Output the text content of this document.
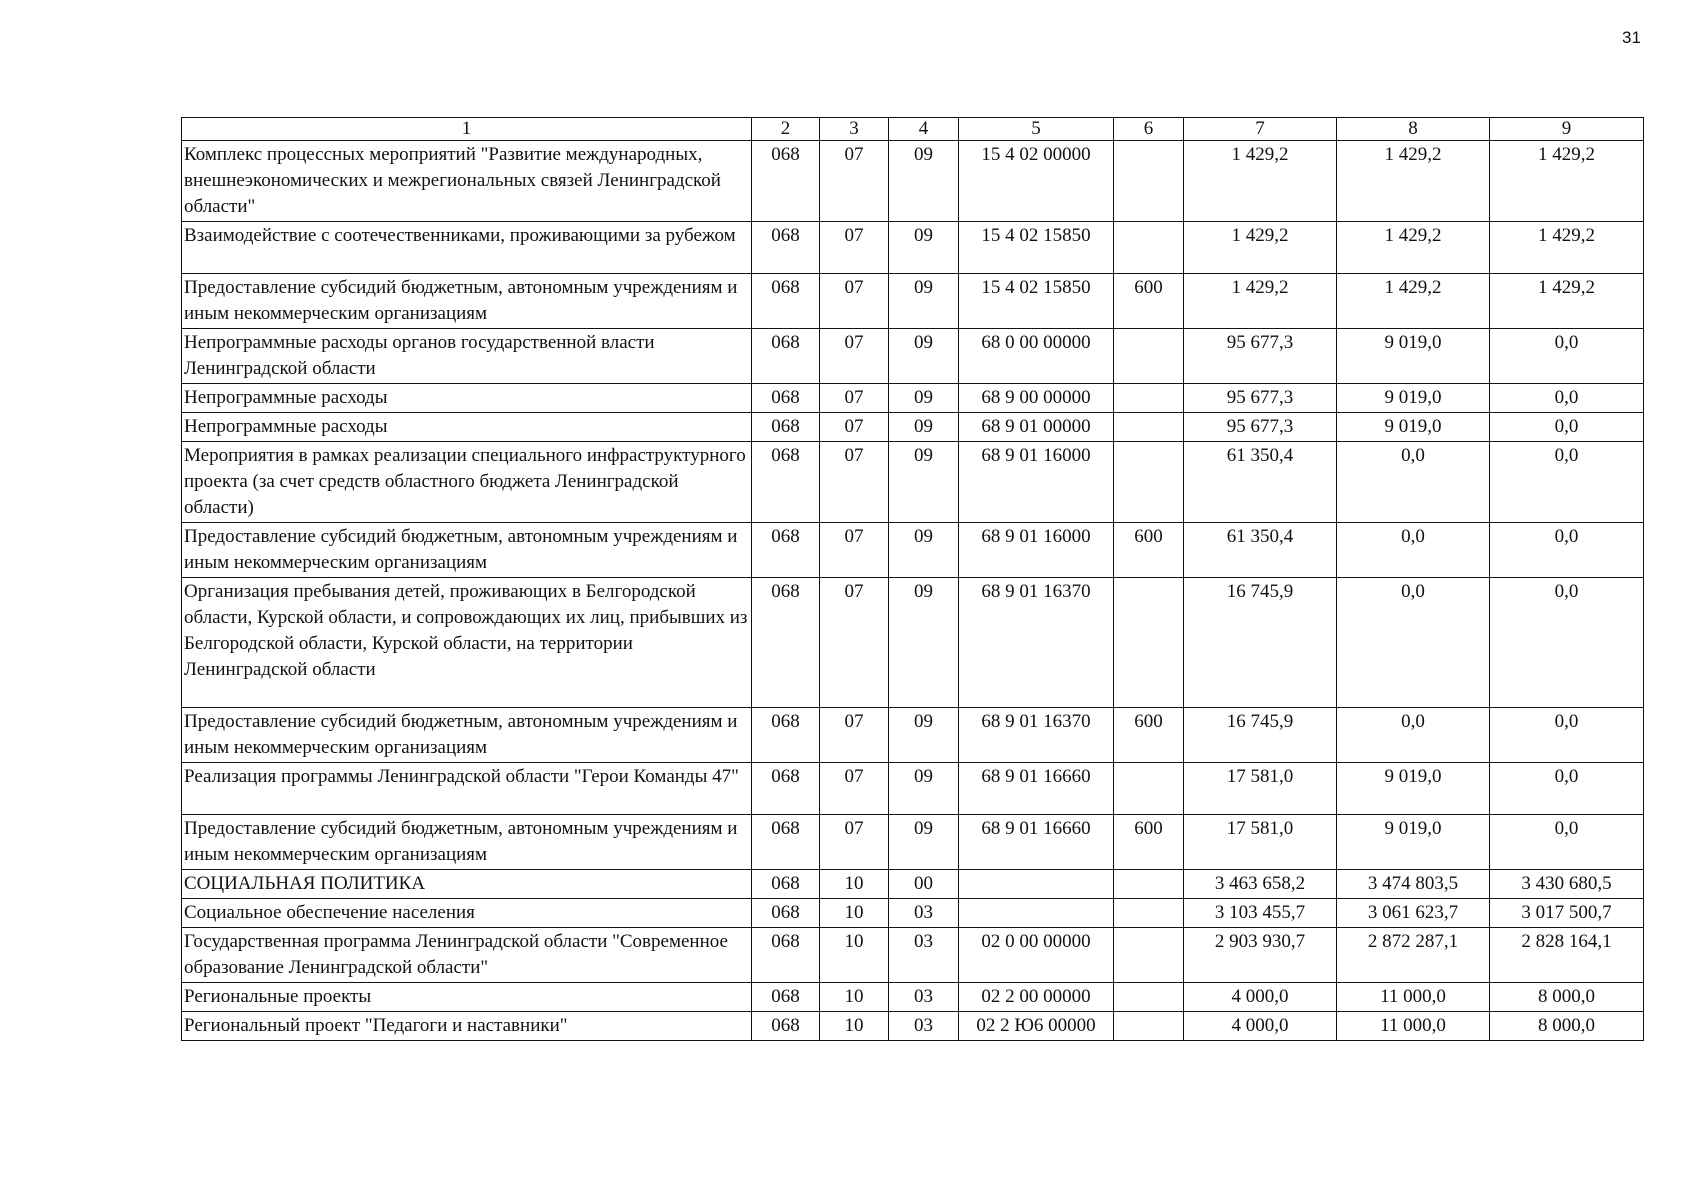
31
1	2	3	4	5	6	7	8	9
Комплекс процессных мероприятий "Развитие международных, внешнеэкономических и межрегиональных связей Ленинградской области"	068	07	09	15 4 02 00000		1 429,2	1 429,2	1 429,2
Взаимодействие с соотечественниками, проживающими за рубежом	068	07	09	15 4 02 15850		1 429,2	1 429,2	1 429,2
Предоставление субсидий бюджетным, автономным учреждениям и иным некоммерческим организациям	068	07	09	15 4 02 15850	600	1 429,2	1 429,2	1 429,2
Непрограммные расходы органов государственной власти Ленинградской области	068	07	09	68 0 00 00000		95 677,3	9 019,0	0,0
Непрограммные расходы	068	07	09	68 9 00 00000		95 677,3	9 019,0	0,0
Непрограммные расходы	068	07	09	68 9 01 00000		95 677,3	9 019,0	0,0
Мероприятия в рамках реализации специального инфраструктурного проекта (за счет средств областного бюджета Ленинградской области)	068	07	09	68 9 01 16000		61 350,4	0,0	0,0
Предоставление субсидий бюджетным, автономным учреждениям и иным некоммерческим организациям	068	07	09	68 9 01 16000	600	61 350,4	0,0	0,0
Организация пребывания детей, проживающих в Белгородской области, Курской области, и сопровождающих их лиц, прибывших из Белгородской области, Курской области, на территории Ленинградской области	068	07	09	68 9 01 16370		16 745,9	0,0	0,0
Предоставление субсидий бюджетным, автономным учреждениям и иным некоммерческим организациям	068	07	09	68 9 01 16370	600	16 745,9	0,0	0,0
Реализация программы Ленинградской области "Герои Команды 47"	068	07	09	68 9 01 16660		17 581,0	9 019,0	0,0
Предоставление субсидий бюджетным, автономным учреждениям и иным некоммерческим организациям	068	07	09	68 9 01 16660	600	17 581,0	9 019,0	0,0
СОЦИАЛЬНАЯ ПОЛИТИКА	068	10	00			3 463 658,2	3 474 803,5	3 430 680,5
Социальное обеспечение населения	068	10	03			3 103 455,7	3 061 623,7	3 017 500,7
Государственная программа Ленинградской области "Современное образование Ленинградской области"	068	10	03	02 0 00 00000		2 903 930,7	2 872 287,1	2 828 164,1
Региональные проекты	068	10	03	02 2 00 00000		4 000,0	11 000,0	8 000,0
Региональный проект "Педагоги и наставники"	068	10	03	02 2 Ю6 00000		4 000,0	11 000,0	8 000,0
